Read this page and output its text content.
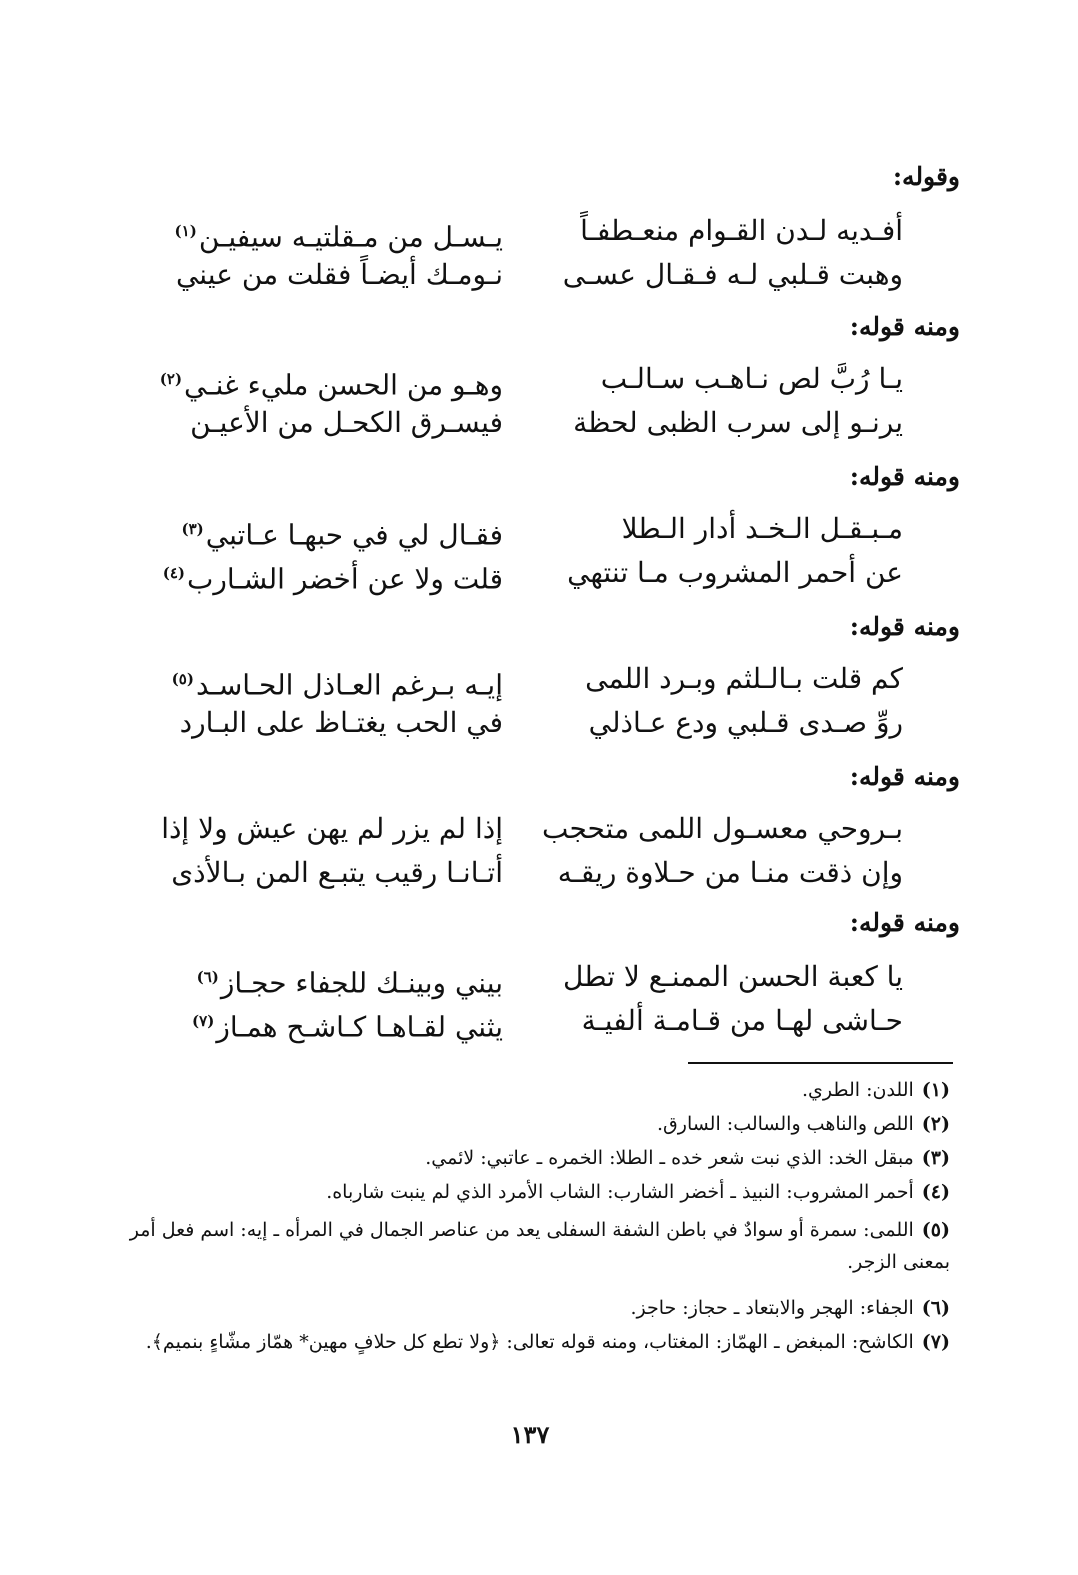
وقوله:
أفـديه لـدن القـوام منعـطفـاً
يـسـل من مـقلتيـه سيفيـن$^{(١)}$
وهبت قـلبي لـه فـقـال عسـى
نـومـك أيضـاً فقلت من عيني
ومنه قوله:
يـا رُبَّ لص نـاهـب سـالـب
وهـو من الحسن مليء غنـي$^{(٢)}$
يرنـو إلى سرب الظبى لحظة
فيسـرق الكحـل من الأعيـن
ومنه قوله:
مـبـقـل الـخـد أدار الـطلا
فقـال لي في حبهـا عـاتبي$^{(٣)}$
عن أحمر المشروب مـا تنتهي
قلت ولا عن أخضر الشـارب$^{(٤)}$
ومنه قوله:
كم قلت بـالـلثم وبـرد اللمى
إيـه بـرغم العـاذل الحـاسـد$^{(٥)}$
روِّ صـدى قـلبي ودع عـاذلي
في الحب يغتـاظ على البـارد
ومنه قوله:
بـروحي معسـول اللمى متحجب
إذا لم يزر لم يهن عيش ولا إذا
وإن ذقت منـا من حـلاوة ريقـه
أتـانـا رقيب يتبـع المن بـالأذى
ومنه قوله:
يا كعبة الحسن الممنـع لا تطل
بيني وبينـك للجفاء حجـاز$^{(٦)}$
حـاشى لهـا من قـامـة ألفيـة
يثني لقـاهـا كـاشـح همـاز$^{(٧)}$
(١)اللدن: الطري.
(٢)اللص والناهب والسالب: السارق.
(٣)مبقل الخد: الذي نبت شعر خده ـ الطلا: الخمره ـ عاتبي: لائمي.
(٤)أحمر المشروب: النبيذ ـ أخضر الشارب: الشاب الأمرد الذي لم ينبت شارباه.
(٥)اللمى: سمرة أو سوادٌ في باطن الشفة السفلى يعد من عناصر الجمال في المرأه ـ إيه: اسم فعل أمر بمعنى الزجر.
(٦)الجفاء: الهجر والابتعاد ـ حجاز: حاجز.
(٧)الكاشح: المبغض ـ الهمّاز: المغتاب، ومنه قوله تعالى: ﴿ولا تطع كل حلافٍ مهين* همّاز مشّاءٍ بنميم﴾.
١٣٧
